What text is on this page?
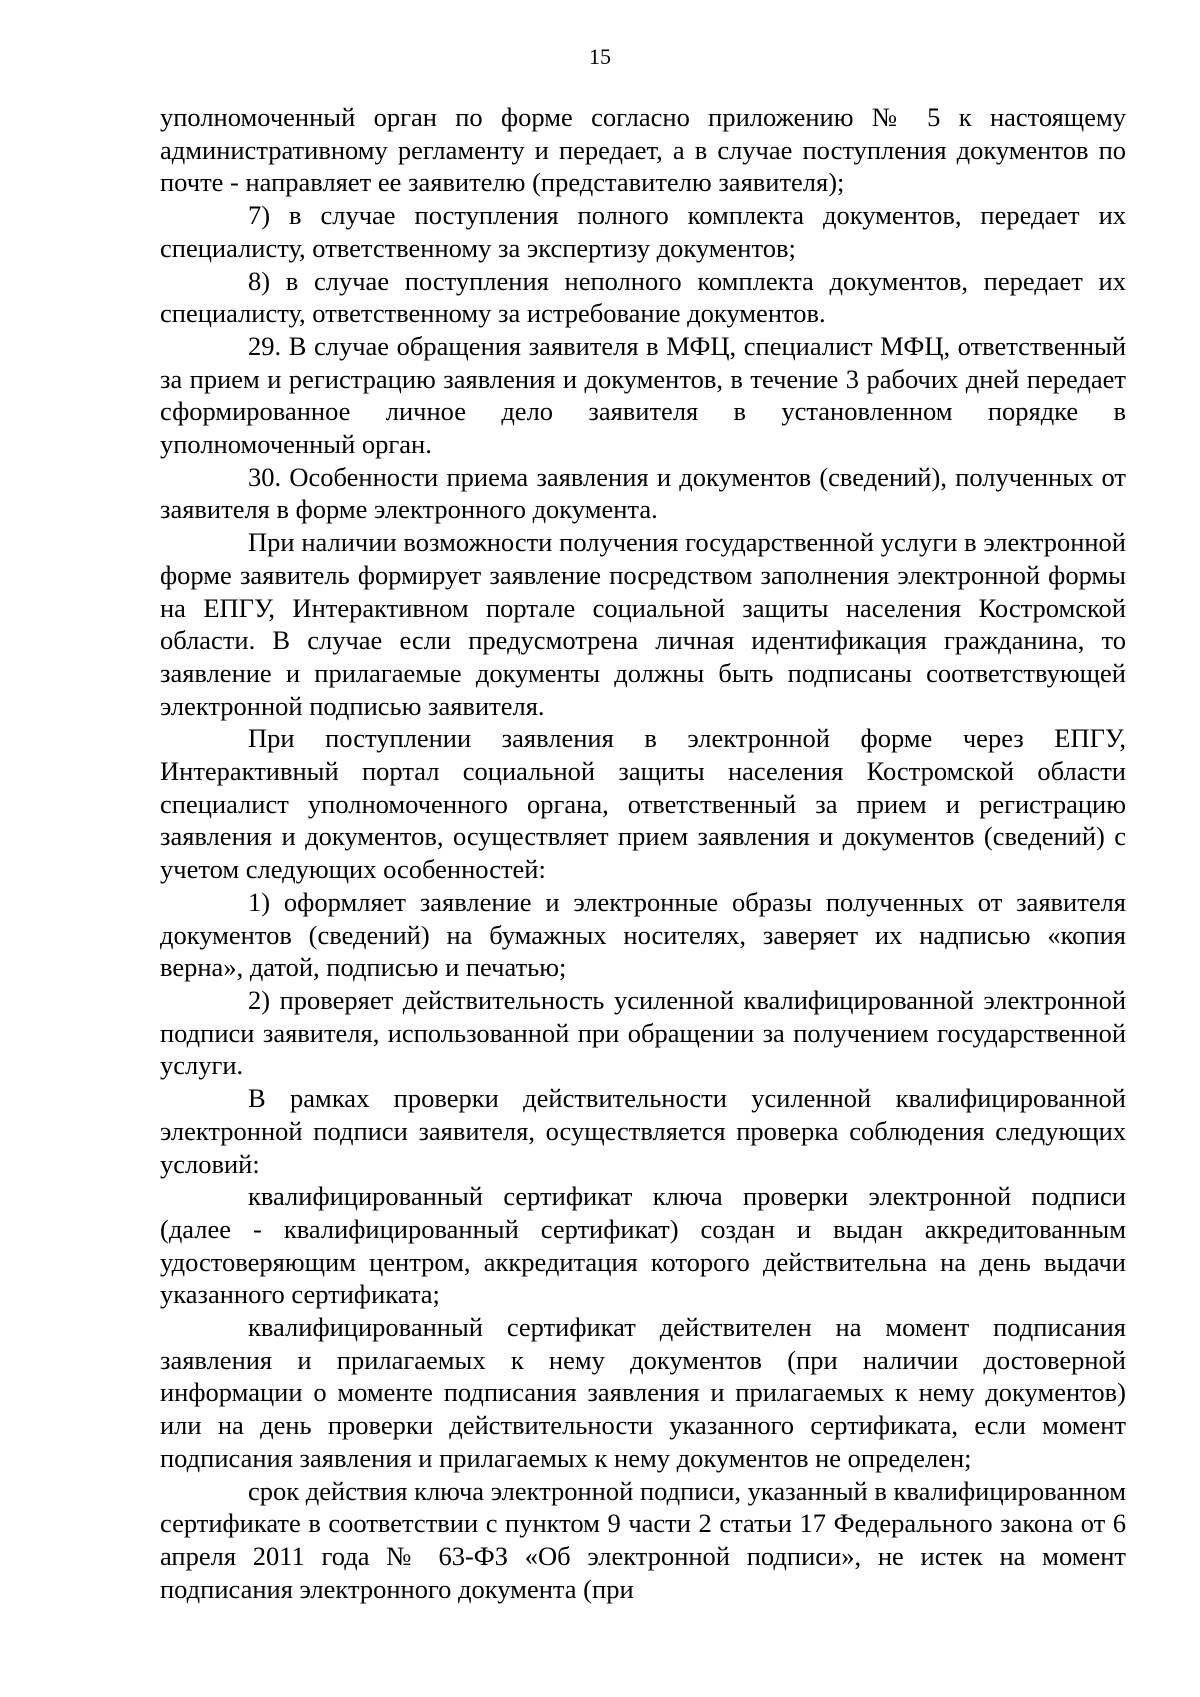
15

уполномоченный орган по форме согласно приложению № 5 к настоящему административному регламенту и передает, а в случае поступления документов по почте - направляет ее заявителю (представителю заявителя);

7) в случае поступления полного комплекта документов, передает их специалисту, ответственному за экспертизу документов;

8) в случае поступления неполного комплекта документов, передает их специалисту, ответственному за истребование документов.

29. В случае обращения заявителя в МФЦ, специалист МФЦ, ответственный за прием и регистрацию заявления и документов, в течение 3 рабочих дней передает сформированное личное дело заявителя в установленном порядке в уполномоченный орган.

30. Особенности приема заявления и документов (сведений), полученных от заявителя в форме электронного документа.

При наличии возможности получения государственной услуги в электронной форме заявитель формирует заявление посредством заполнения электронной формы на ЕПГУ, Интерактивном портале социальной защиты населения Костромской области. В случае если предусмотрена личная идентификация гражданина, то заявление и прилагаемые документы должны быть подписаны соответствующей электронной подписью заявителя.

При поступлении заявления в электронной форме через ЕПГУ, Интерактивный портал социальной защиты населения Костромской области специалист уполномоченного органа, ответственный за прием и регистрацию заявления и документов, осуществляет прием заявления и документов (сведений) с учетом следующих особенностей:

1) оформляет заявление и электронные образы полученных от заявителя документов (сведений) на бумажных носителях, заверяет их надписью «копия верна», датой, подписью и печатью;

2) проверяет действительность усиленной квалифицированной электронной подписи заявителя, использованной при обращении за получением государственной услуги.

В рамках проверки действительности усиленной квалифицированной электронной подписи заявителя, осуществляется проверка соблюдения следующих условий:

квалифицированный сертификат ключа проверки электронной подписи (далее - квалифицированный сертификат) создан и выдан аккредитованным удостоверяющим центром, аккредитация которого действительна на день выдачи указанного сертификата;

квалифицированный сертификат действителен на момент подписания заявления и прилагаемых к нему документов (при наличии достоверной информации о моменте подписания заявления и прилагаемых к нему документов) или на день проверки действительности указанного сертификата, если момент подписания заявления и прилагаемых к нему документов не определен;

срок действия ключа электронной подписи, указанный в квалифицированном сертификате в соответствии с пунктом 9 части 2 статьи 17 Федерального закона от 6 апреля 2011 года № 63-ФЗ «Об электронной подписи», не истек на момент подписания электронного документа (при
